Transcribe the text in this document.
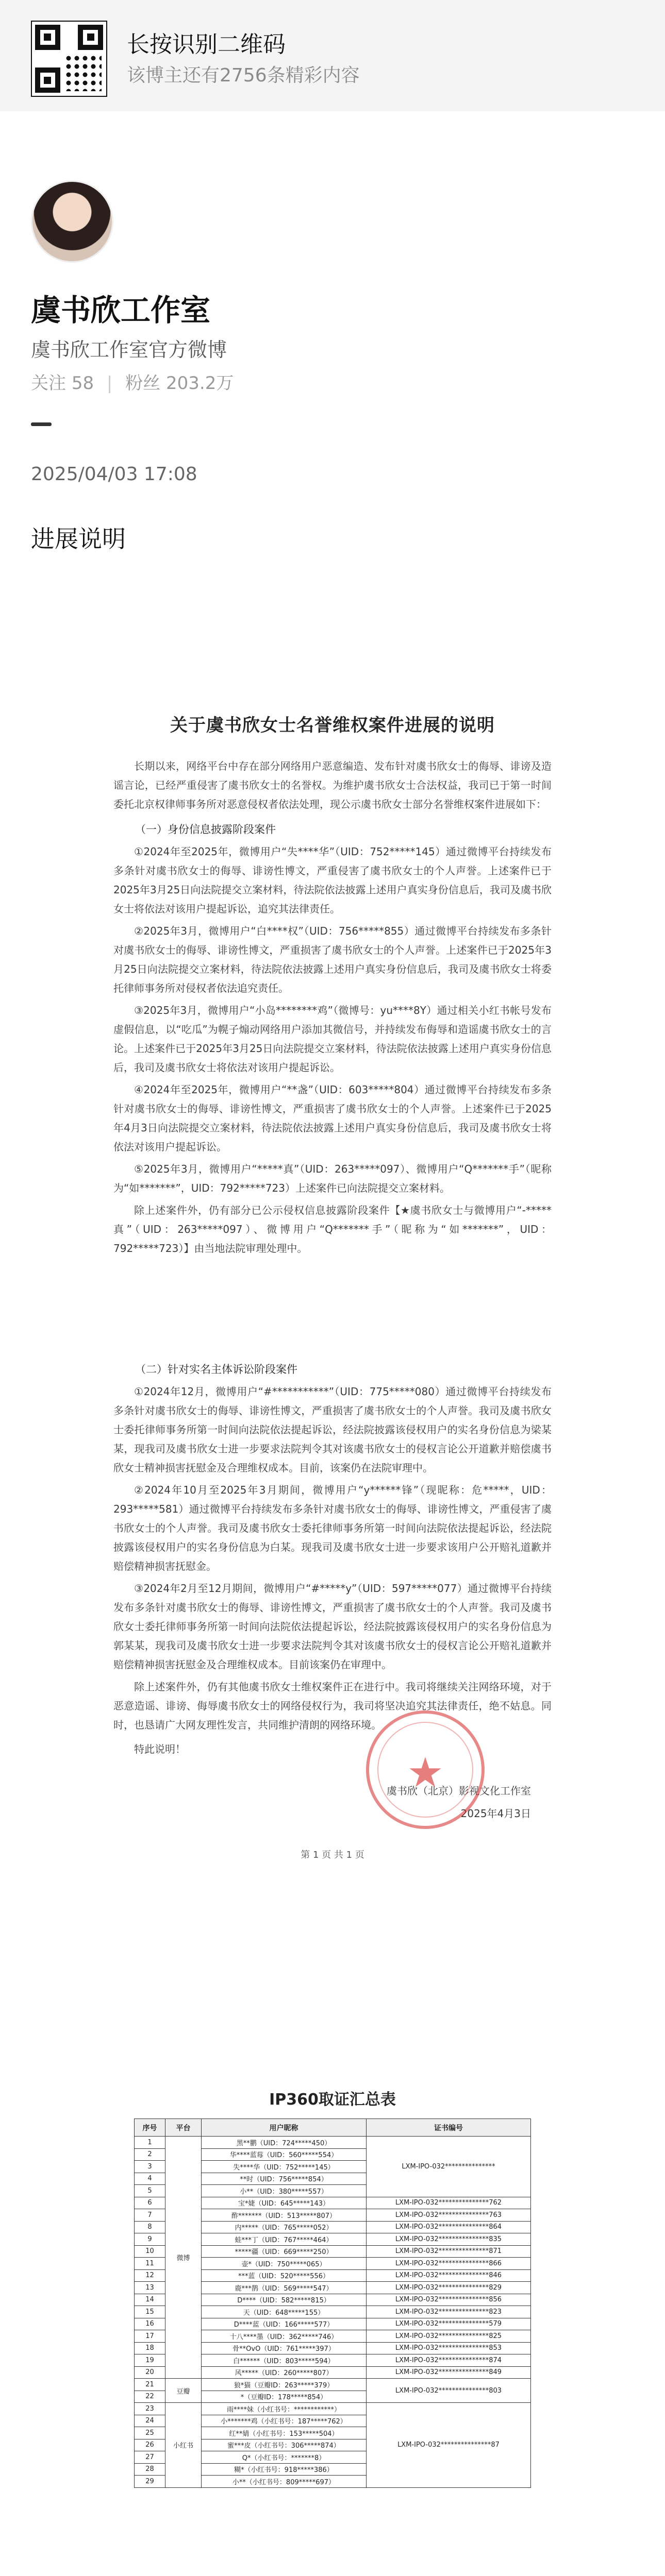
长按识别二维码
该博主还有2756条精彩内容
虞书欣工作室
虞书欣工作室官方微博
关注 58 | 粉丝 203.2万
2025/04/03 17:08
进展说明
关于虞书欣女士名誉维权案件进展的说明

长期以来，网络平台中存在部分网络用户恶意编造、发布针对虞书欣女士的侮辱、诽谤及造谣言论，已经严重侵害了虞书欣女士的名誉权。为维护虞书欣女士合法权益，我司已于第一时间委托北京权律师事务所对恶意侵权者依法处理，现公示虞书欣女士部分名誉维权案件进展如下：

（一）身份信息披露阶段案件

①2024年至2025年，微博用户“失****华”（UID：752*****145）通过微博平台持续发布多条针对虞书欣女士的侮辱、诽谤性博文，严重侵害了虞书欣女士的个人声誉。上述案件已于2025年3月25日向法院提交立案材料，待法院依法披露上述用户真实身份信息后，我司及虞书欣女士将依法对该用户提起诉讼，追究其法律责任。

②2025年3月，微博用户“白****权”（UID：756*****855）通过微博平台持续发布多条针对虞书欣女士的侮辱、诽谤性博文，严重损害了虞书欣女士的个人声誉。上述案件已于2025年3月25日向法院提交立案材料，待法院依法披露上述用户真实身份信息后，我司及虞书欣女士将委托律师事务所对侵权者依法追究责任。

③2025年3月，微博用户“小岛********鸡”（微博号：yu****8Y）通过相关小红书帐号发布虚假信息，以“吃瓜”为幌子煽动网络用户添加其微信号，并持续发布侮辱和造谣虞书欣女士的言论。上述案件已于2025年3月25日向法院提交立案材料，待法院依法披露上述用户真实身份信息后，我司及虞书欣女士将依法对该用户提起诉讼。

④2024年至2025年，微博用户“**盏”（UID：603*****804）通过微博平台持续发布多条针对虞书欣女士的侮辱、诽谤性博文，严重损害了虞书欣女士的个人声誉。上述案件已于2025年4月3日向法院提交立案材料，待法院依法披露上述用户真实身份信息后，我司及虞书欣女士将依法对该用户提起诉讼。

⑤2025年3月，微博用户“*****真”（UID：263*****097）、微博用户“Q*******手”（昵称为“如*******”，UID：792*****723）上述案件已向法院提交立案材料。

除上述案件外，仍有部分已公示侵权信息披露阶段案件【★虞书欣女士与微博用户“-*****真”（UID：263*****097）、微博用户“Q*******手”（昵称为“如*******”，UID：792*****723）】由当地法院审理处理中。

（二）针对实名主体诉讼阶段案件

①2024年12月，微博用户“#***********”（UID：775*****080）通过微博平台持续发布多条针对虞书欣女士的侮辱、诽谤性博文，严重损害了虞书欣女士的个人声誉。我司及虞书欣女士委托律师事务所第一时间向法院依法提起诉讼，经法院披露该侵权用户的实名身份信息为梁某某，现我司及虞书欣女士进一步要求法院判令其对该虞书欣女士的侵权言论公开道歉并赔偿虞书欣女士精神损害抚慰金及合理维权成本。目前，该案仍在法院审理中。

②2024年10月至2025年3月期间，微博用户“y******锋”（现昵称：危*****，UID：293*****581）通过微博平台持续发布多条针对虞书欣女士的侮辱、诽谤性博文，严重侵害了虞书欣女士的个人声誉。我司及虞书欣女士委托律师事务所第一时间向法院依法提起诉讼，经法院披露该侵权用户的实名身份信息为白某。现我司及虞书欣女士进一步要求该用户公开赔礼道歉并赔偿精神损害抚慰金。

③2024年2月至12月期间，微博用户“#*****y”（UID：597*****077）通过微博平台持续发布多条针对虞书欣女士的侮辱、诽谤性博文，严重损害了虞书欣女士的个人声誉。我司及虞书欣女士委托律师事务所第一时间向法院依法提起诉讼，经法院披露该侵权用户的实名身份信息为郭某某，现我司及虞书欣女士进一步要求法院判令其对该虞书欣女士的侵权言论公开赔礼道歉并赔偿精神损害抚慰金及合理维权成本。目前该案仍在审理中。

除上述案件外，仍有其他虞书欣女士维权案件正在进行中。我司将继续关注网络环境，对于恶意造谣、诽谤、侮辱虞书欣女士的网络侵权行为，我司将坚决追究其法律责任，绝不姑息。同时，也恳请广大网友理性发言，共同维护清朗的网络环境。

特此说明！

虞书欣（北京）影视文化工作室
2025年4月3日
第 1 页 共 1 页
★
IP360取证汇总表
序号	平台	用户昵称	证书编号
1	微博	黑**鹏（UID：724*****450）	LXM-IPO-032***************
2		华****蓝莓（UID：560*****554）	
3		失****华（UID：752*****145）	
4		**时（UID：756*****854）	
5		小**（UID：380*****557）	
6		宝*婕（UID：645*****143）	LXM-IPO-032***************762
7		酢*******（UID：513*****807）	LXM-IPO-032***************763
8		内*****（UID：765*****052）	LXM-IPO-032***************864
9		蛙***丁（UID：767*****464）	LXM-IPO-032***************835
10		*****疆（UID：669*****250）	LXM-IPO-032***************871
11		壶*（UID：750*****065）	LXM-IPO-032***************866
12		***蓝（UID：520*****556）	LXM-IPO-032***************846
13		鹿***鹊（UID：569*****547）	LXM-IPO-032***************829
14		D****（UID：582*****815）	LXM-IPO-032***************856
15		天（UID：648*****155）	LXM-IPO-032***************823
16		D****蓝（UID：166*****577）	LXM-IPO-032***************579
17		十八****墨（UID：362*****746）	LXM-IPO-032***************825
18		骨**OvO（UID：761*****397）	LXM-IPO-032***************853
19		白******（UID：803*****594）	LXM-IPO-032***************874
20		风*****（UID：260*****807）	LXM-IPO-032***************849
21	豆瓣	狼*猫（豆瓣ID：263*****379）	LXM-IPO-032***************803
22		*（豆瓣ID：178*****854）	
23	小红书	雨****妹（小红书号：************）	LXM-IPO-032***************87
24		小*******鸡（小红书号：187*****762）	
25		红**婧（小红书号：153*****504）	
26		蜜***皮（小红书号：306*****874）	
27		Q*（小红书号：*******8）	
28		糊*（小红书号：918*****386）	
29		小**（小红书号：809*****697）	
